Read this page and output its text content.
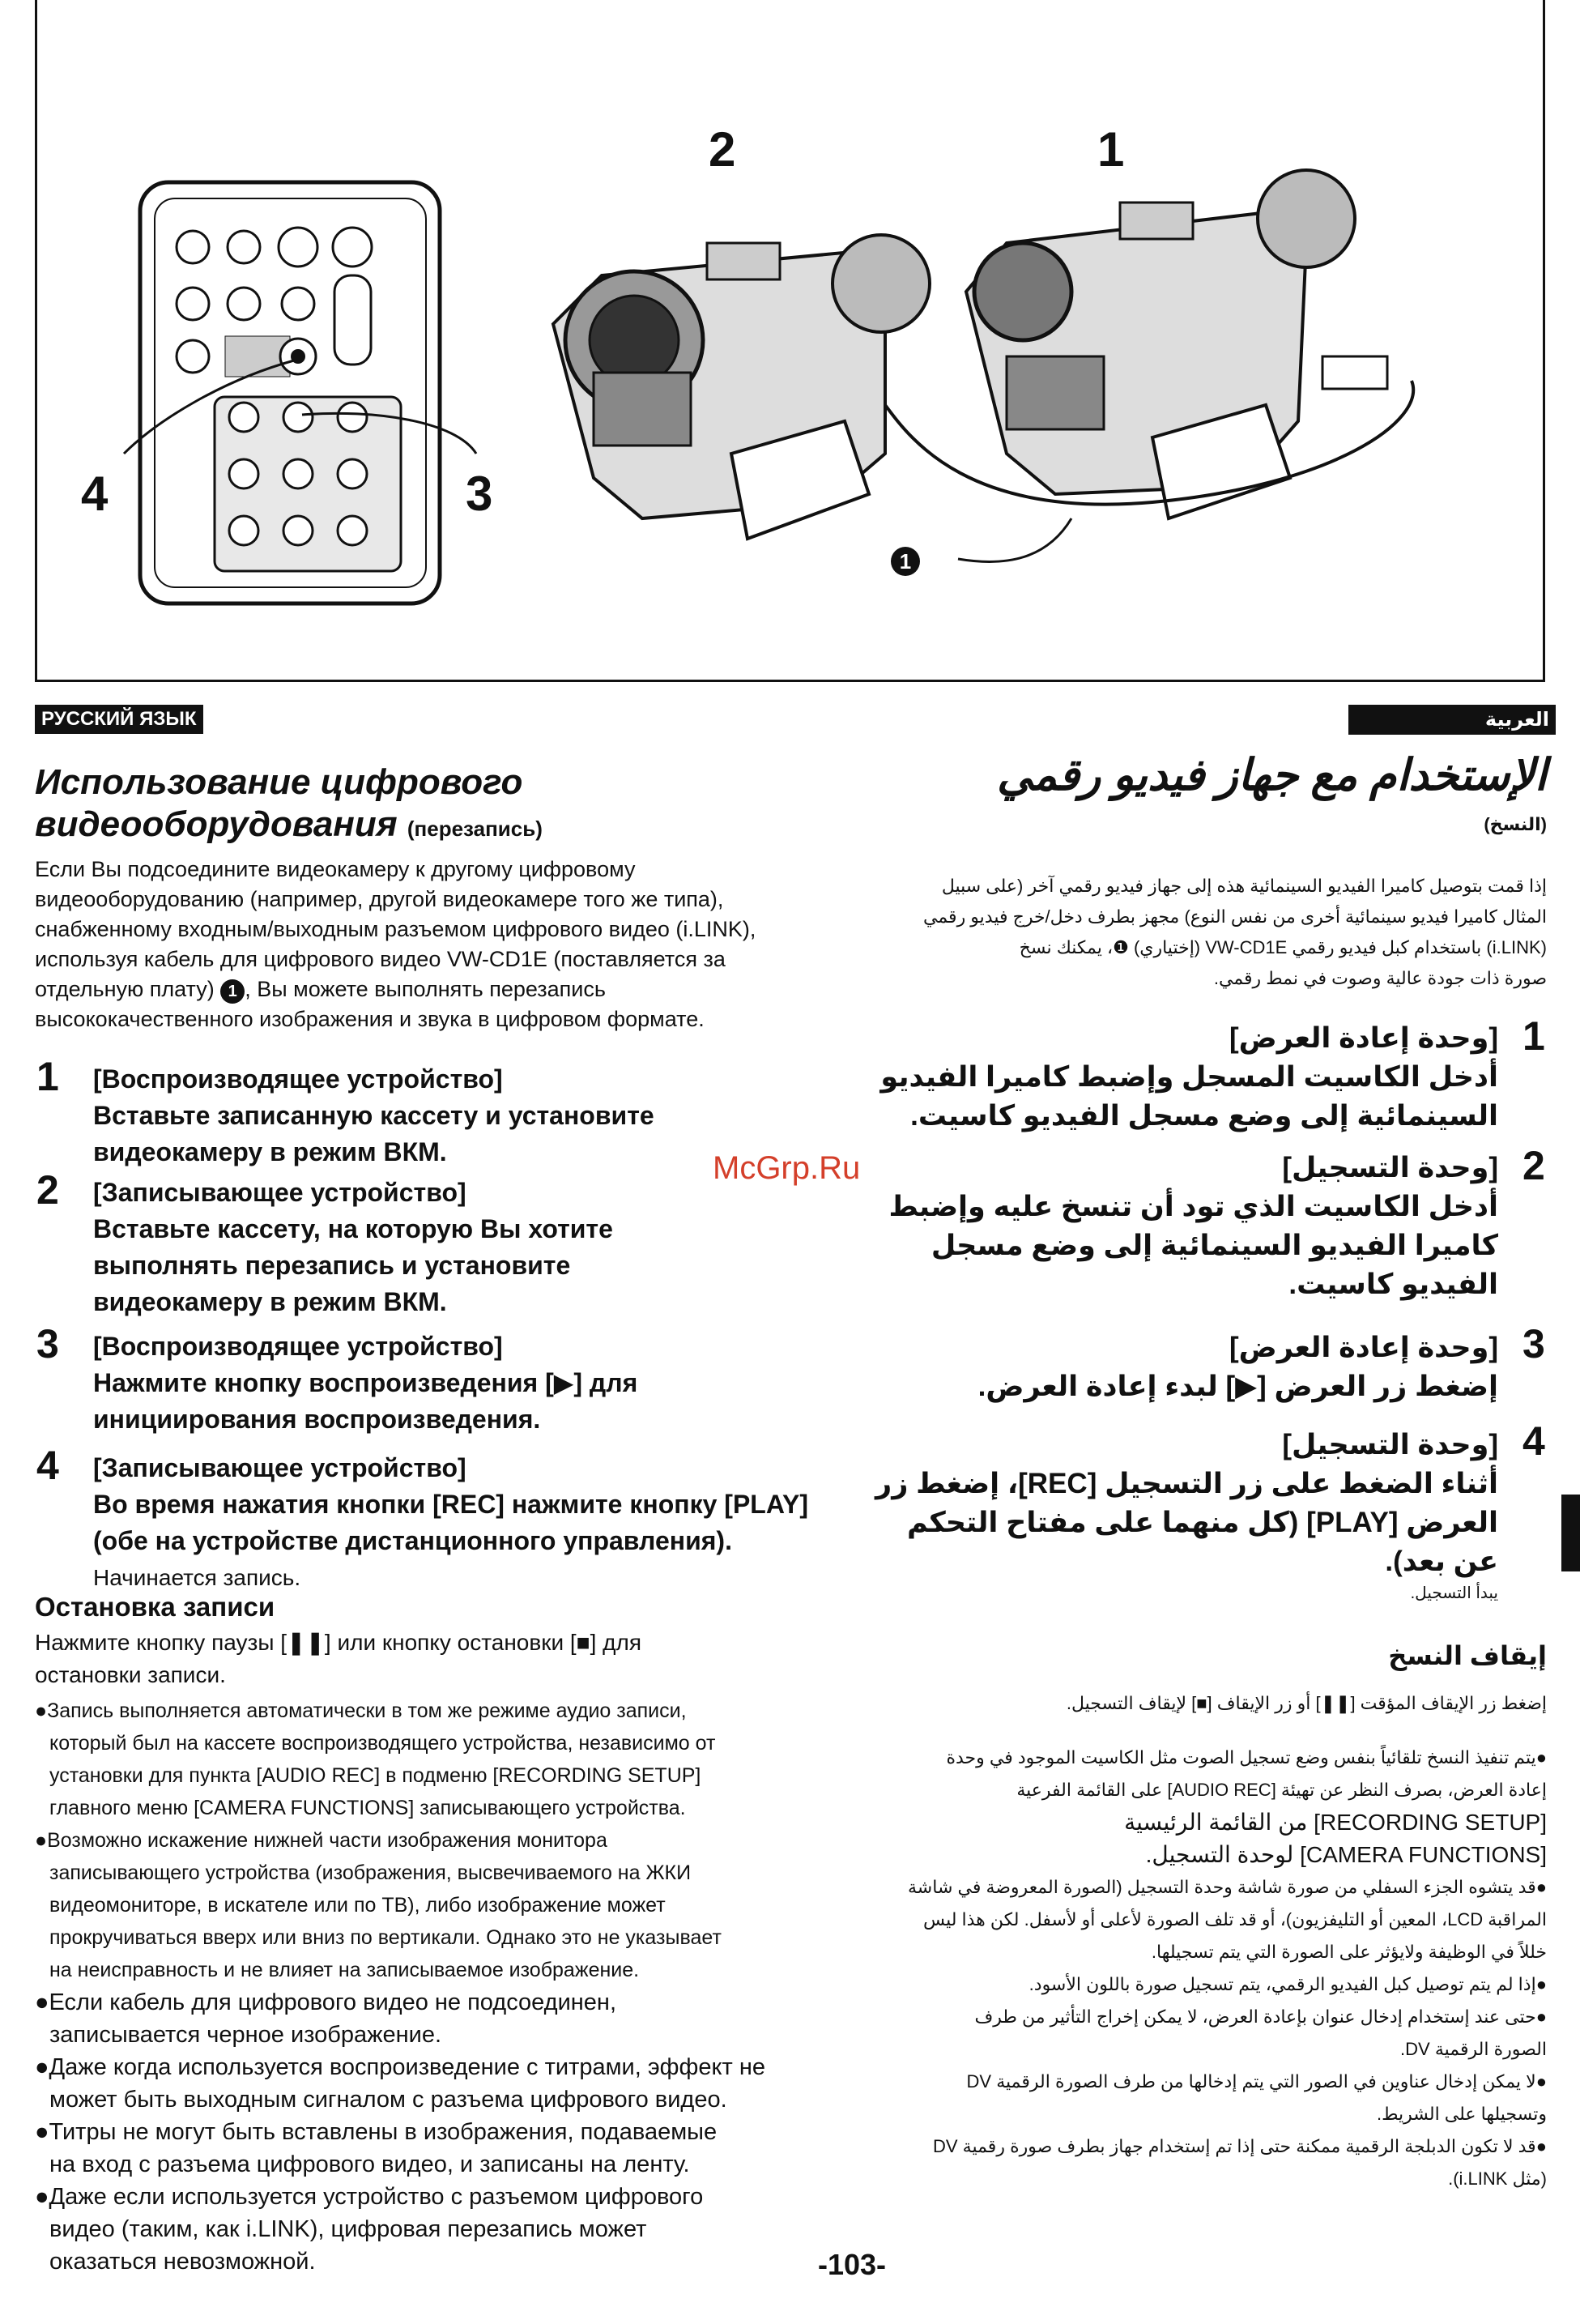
2	1
4	3
1
РУССКИЙ ЯЗЫК
Использование цифрового
видеооборудования (перезапись)
Если Вы подсоедините видеокамеру к другому цифровому
видеооборудованию (например, другой видеокамере того же типа),
снабженному входным/выходным разъемом цифрового видео (i.LINK),
используя кабель для цифрового видео VW-CD1E (поставляется за
отдельную плату) 1 , Вы можете выполнять перезапись
высококачественного изображения и звука в цифровом формате.
1 [Воспроизводящее устройство]
Вставьте записанную кассету и установите
видеокамеру в режим ВКМ.
2 [Записывающее устройство]
Вставьте кассету, на которую Вы хотите
выполнять перезапись и установите
видеокамеру в режим ВКМ.
3 [Воспроизводящее устройство]
Нажмите кнопку воспроизведения [▶] для
инициирования воспроизведения.
4 [Записывающее устройство]
Во время нажатия кнопки [REC] нажмите кнопку [PLAY]
(обе на устройстве дистанционного управления).
Начинается запись.
Остановка записи
Нажмите кнопку паузы [❚❚] или кнопку остановки [■] для
остановки записи.
●Запись выполняется автоматически в том же режиме аудио записи,
который был на кассете воспроизводящего устройства, независимо от
установки для пункта [AUDIO REC] в подменю [RECORDING SETUP]
главного меню [CAMERA FUNCTIONS] записывающего устройства.
●Возможно искажение нижней части изображения монитора
записывающего устройства (изображения, высвечиваемого на ЖКИ
видеомониторе, в искателе или по ТВ), либо изображение может
прокручиваться вверх или вниз по вертикали. Однако это не указывает
на неисправность и не влияет на записываемое изображение.
●Если кабель для цифрового видео не подсоединен,
записывается черное изображение.
●Даже когда используется воспроизведение с титрами, эффект не
может быть выходным сигналом с разъема цифрового видео.
●Титры не могут быть вставлены в изображения, подаваемые
на вход с разъема цифрового видео, и записаны на ленту.
●Даже если используется устройство с разъемом цифрового
видео (таким, как i.LINK), цифровая перезапись может
оказаться невозможной.
العربية
الإستخدام مع جهاز فيديو رقمي
(النسخ)
إذا قمت بتوصيل كاميرا الفيديو السينمائية هذه إلى جهاز فيديو رقمي آخر (على سبيل
المثال كاميرا فيديو سينمائية أخرى من نفس النوع) مجهز بطرف دخل/خرج فيديو رقمي
(i.LINK) باستخدام كبل فيديو رقمي VW-CD1E (إختياري) ❶، يمكنك نسخ
صورة ذات جودة عالية وصوت في نمط رقمي.
1
[وحدة إعادة العرض]
أدخل الكاسيت المسجل وإضبط كاميرا الفيديو
السينمائية إلى وضع مسجل الفيديو كاسيت.
2
[وحدة التسجيل]
أدخل الكاسيت الذي تود أن تنسخ عليه وإضبط
كاميرا الفيديو السينمائية إلى وضع مسجل
الفيديو كاسيت.
3
[وحدة إعادة العرض]
إضغط زر العرض [▶] لبدء إعادة العرض.
4
[وحدة التسجيل]
أثناء الضغط على زر التسجيل [REC]، إضغط زر
العرض [PLAY] (كل منهما على مفتاح التحكم
عن بعد).
يبدأ التسجيل.
إيقاف النسخ
إضغط زر الإيقاف المؤقت [❚❚] أو زر الإيقاف [■] لإيقاف التسجيل.
●يتم تنفيذ النسخ تلقائياً بنفس وضع تسجيل الصوت مثل الكاسيت الموجود في وحدة
إعادة العرض، بصرف النظر عن تهيئة [AUDIO REC] على القائمة الفرعية
[RECORDING SETUP] من القائمة الرئيسية
[CAMERA FUNCTIONS] لوحدة التسجيل.
●قد يتشوه الجزء السفلي من صورة شاشة وحدة التسجيل (الصورة المعروضة في شاشة
المراقبة LCD، المعين أو التليفزيون)، أو قد تلف الصورة لأعلى أو لأسفل. لكن هذا ليس
خللاً في الوظيفة ولايؤثر على الصورة التي يتم تسجيلها.
●إذا لم يتم توصيل كبل الفيديو الرقمي، يتم تسجيل صورة باللون الأسود.
●حتى عند إستخدام إدخال عنوان بإعادة العرض، لا يمكن إخراج التأثير من طرف
الصورة الرقمية DV.
●لا يمكن إدخال عناوين في الصور التي يتم إدخالها من طرف الصورة الرقمية DV
وتسجيلها على الشريط.
●قد لا تكون الدبلجة الرقمية ممكنة حتى إذا تم إستخدام جهاز بطرف صورة رقمية DV
(مثل i.LINK).
McGrp.Ru
-103-
